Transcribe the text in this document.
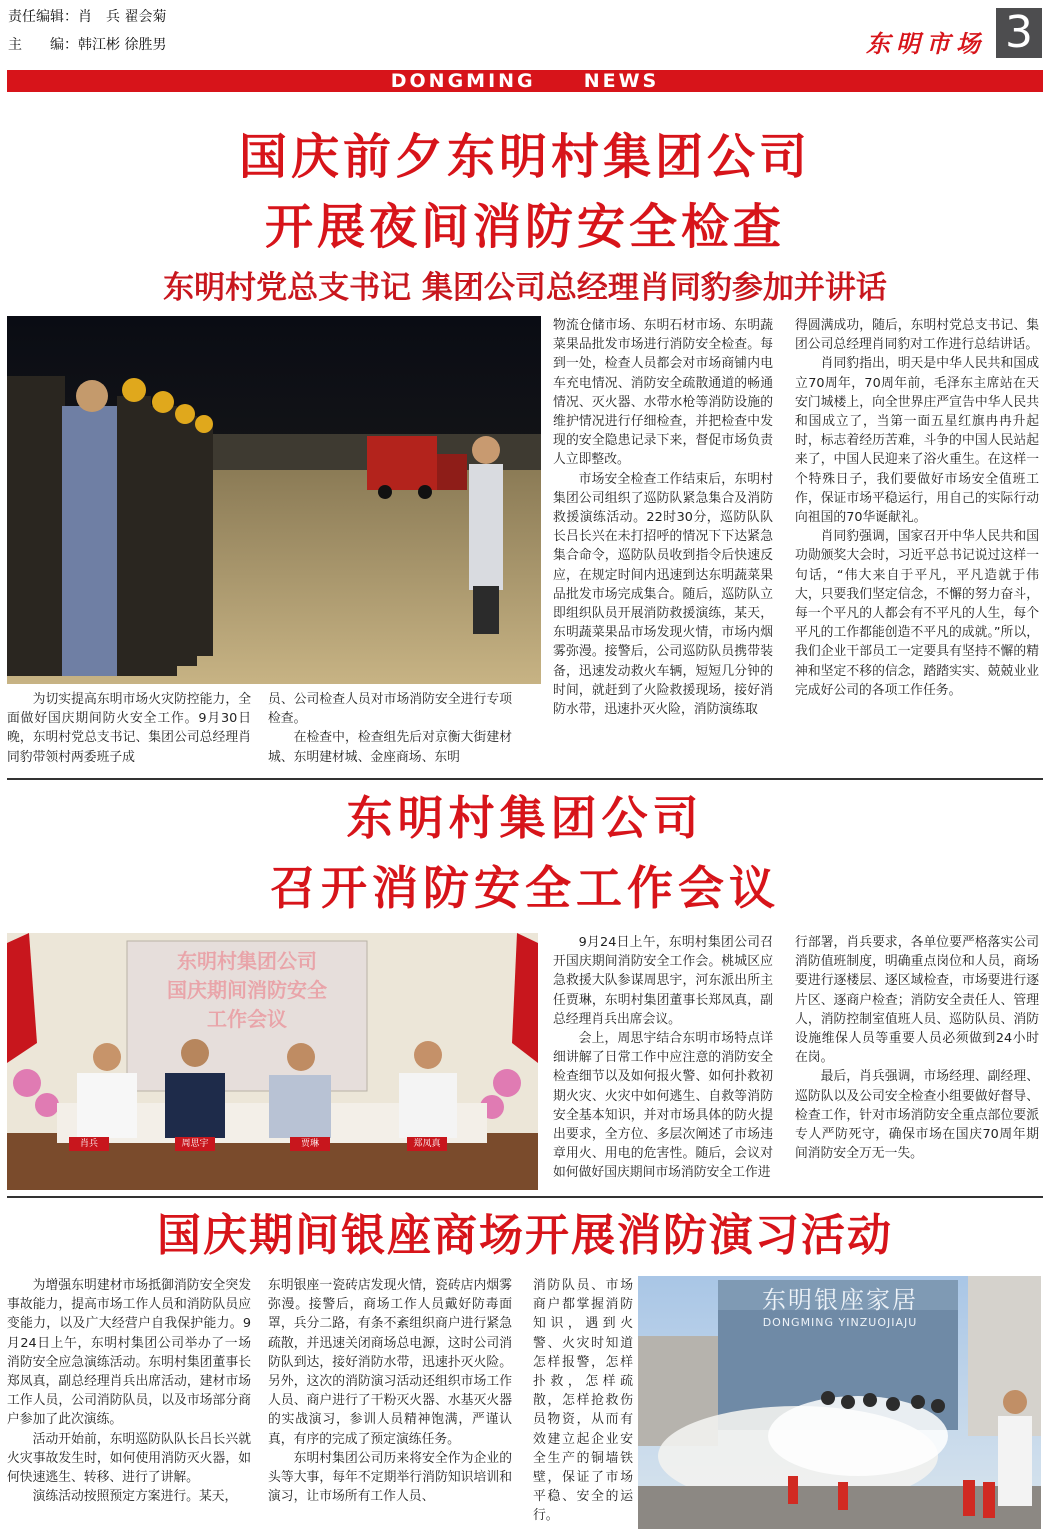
责任编辑：肖　兵 翟会菊
主　　编：韩江彬 徐胜男	东明市场 3
DONGMING     NEWS
国庆前夕东明村集团公司
开展夜间消防安全检查
东明村党总支书记 集团公司总经理肖同豹参加并讲话

为切实提高东明市场火灾防控能力，全面做好国庆期间防火安全工作。9月30日晚，东明村党总支书记、集团公司总经理肖同豹带领村两委班子成

员、公司检查人员对市场消防安全进行专项检查。

在检查中，检查组先后对京衡大街建材城、东明建材城、金座商场、东明

物流仓储市场、东明石材市场、东明蔬菜果品批发市场进行消防安全检查。每到一处，检查人员都会对市场商铺内电车充电情况、消防安全疏散通道的畅通情况、灭火器、水带水枪等消防设施的维护情况进行仔细检查，并把检查中发现的安全隐患记录下来，督促市场负责人立即整改。

市场安全检查工作结束后，东明村集团公司组织了巡防队紧急集合及消防救援演练活动。22时30分，巡防队队长吕长兴在未打招呼的情况下下达紧急集合命令，巡防队员收到指令后快速反应，在规定时间内迅速到达东明蔬菜果品批发市场完成集合。随后，巡防队立即组织队员开展消防救援演练，某天，东明蔬菜果品市场发现火情，市场内烟雾弥漫。接警后，公司巡防队员携带装备，迅速发动救火车辆，短短几分钟的时间，就赶到了火险救援现场，接好消防水带，迅速扑灭火险，消防演练取

得圆满成功，随后，东明村党总支书记、集团公司总经理肖同豹对工作进行总结讲话。

肖同豹指出，明天是中华人民共和国成立70周年，70周年前，毛泽东主席站在天安门城楼上，向全世界庄严宣告中华人民共和国成立了，当第一面五星红旗冉冉升起时，标志着经历苦难，斗争的中国人民站起来了，中国人民迎来了浴火重生。在这样一个特殊日子，我们要做好市场安全值班工作，保证市场平稳运行，用自己的实际行动向祖国的70华诞献礼。

肖同豹强调，国家召开中华人民共和国功勋颁奖大会时，习近平总书记说过这样一句话，“伟大来自于平凡，平凡造就于伟大，只要我们坚定信念，不懈的努力奋斗，每一个平凡的人都会有不平凡的人生，每个平凡的工作都能创造不平凡的成就。”所以，我们企业干部员工一定要具有坚持不懈的精神和坚定不移的信念，踏踏实实、兢兢业业完成好公司的各项工作任务。

东明村集团公司
召开消防安全工作会议
东明村集团公司
国庆期间消防安全
工作会议
肖兵	周思宇	贾琳	郑凤真

9月24日上午，东明村集团公司召开国庆期间消防安全工作会。桃城区应急救援大队参谋周思宇，河东派出所主任贾琳，东明村集团董事长郑凤真，副总经理肖兵出席会议。

会上，周思宇结合东明市场特点详细讲解了日常工作中应注意的消防安全检查细节以及如何报火警、如何扑救初期火灾、火灾中如何逃生、自救等消防安全基本知识，并对市场具体的防火提出要求，全方位、多层次阐述了市场违章用火、用电的危害性。随后，会议对如何做好国庆期间市场消防安全工作进

行部署，肖兵要求，各单位要严格落实公司消防值班制度，明确重点岗位和人员，商场要进行逐楼层、逐区域检查，市场要进行逐片区、逐商户检查；消防安全责任人、管理人，消防控制室值班人员、巡防队员、消防设施维保人员等重要人员必须做到24小时在岗。

最后，肖兵强调，市场经理、副经理、巡防队以及公司安全检查小组要做好督导、检查工作，针对市场消防安全重点部位要派专人严防死守，确保市场在国庆70周年期间消防安全万无一失。

国庆期间银座商场开展消防演习活动

为增强东明建材市场抵御消防安全突发事故能力，提高市场工作人员和消防队员应变能力，以及广大经营户自我保护能力。9月24日上午，东明村集团公司举办了一场消防安全应急演练活动。东明村集团董事长郑凤真，副总经理肖兵出席活动，建材市场工作人员，公司消防队员，以及市场部分商户参加了此次演练。

活动开始前，东明巡防队队长吕长兴就火灾事故发生时，如何使用消防灭火器，如何快速逃生、转移、进行了讲解。

演练活动按照预定方案进行。某天，

东明银座一瓷砖店发现火情，瓷砖店内烟雾弥漫。接警后，商场工作人员戴好防毒面罩，兵分二路，有条不紊组织商户进行紧急疏散，并迅速关闭商场总电源，这时公司消防队到达，接好消防水带，迅速扑灭火险。另外，这次的消防演习活动还组织市场工作人员、商户进行了干粉灭火器、水基灭火器的实战演习，参训人员精神饱满，严谨认真，有序的完成了预定演练任务。

东明村集团公司历来将安全作为企业的头等大事，每年不定期举行消防知识培训和演习，让市场所有工作人员、

消防队员、市场商户都掌握消防知识，遇到火警、火灾时知道怎样报警，怎样扑救，怎样疏散，怎样抢救伤员物资，从而有效建立起企业安全生产的铜墙铁壁，保证了市场平稳、安全的运行。

东明银座家居
DONGMING YINZUOJIAJU
